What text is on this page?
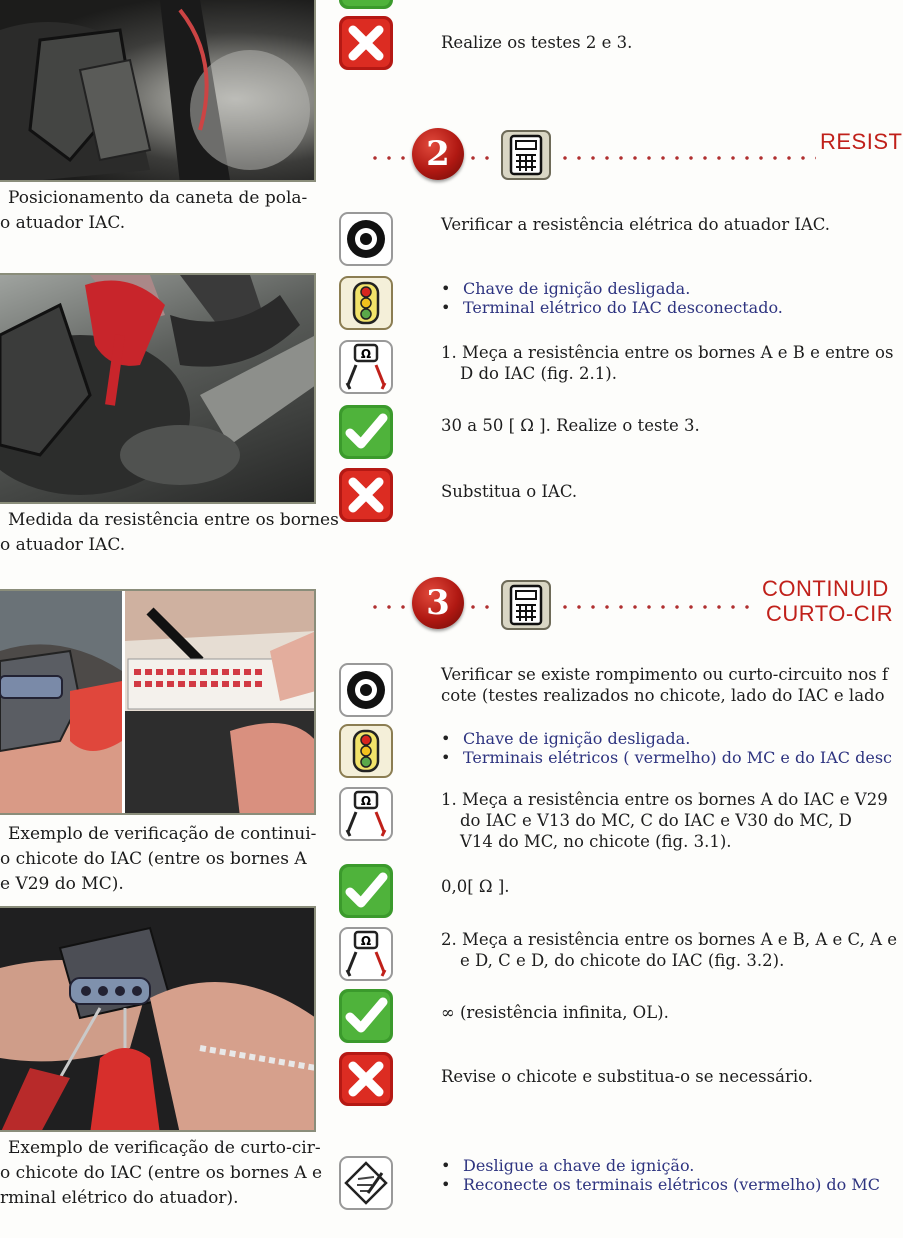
Posicionamento da caneta de pola-
o atuador IAC.
Medida da resistência entre os bornes
o atuador IAC.
Exemplo de verificação de continui-
o chicote do IAC (entre os bornes A
e V29 do MC).
Exemplo de verificação de curto-cir-
o chicote do IAC (entre os bornes A e
rminal elétrico do atuador).
Realize os testes 2 e 3.
2	RESIST
Verificar a resistência elétrica do atuador IAC.
• Chave de ignição desligada.
• Terminal elétrico do IAC desconectado.
1. Meça a resistência entre os bornes A e B e entre os
D do IAC (fig. 2.1).
30 a 50 [ Ω ]. Realize o teste 3.
Substitua o IAC.
3	CONTINUID
CURTO-CIR
Verificar se existe rompimento ou curto-circuito nos f
cote (testes realizados no chicote, lado do IAC e lado
• Chave de ignição desligada.
• Terminais elétricos ( vermelho) do MC e do IAC desc
1. Meça a resistência entre os bornes A do IAC e V29
do IAC e V13 do MC, C do IAC e V30 do MC, D
V14 do MC, no chicote (fig. 3.1).
0,0[ Ω ].
2. Meça a resistência entre os bornes A e B, A e C, A e
e D, C e D, do chicote do IAC (fig. 3.2).
∞ (resistência infinita, OL).
Revise o chicote e substitua-o se necessário.
• Desligue a chave de ignição.
• Reconecte os terminais elétricos (vermelho) do MC
